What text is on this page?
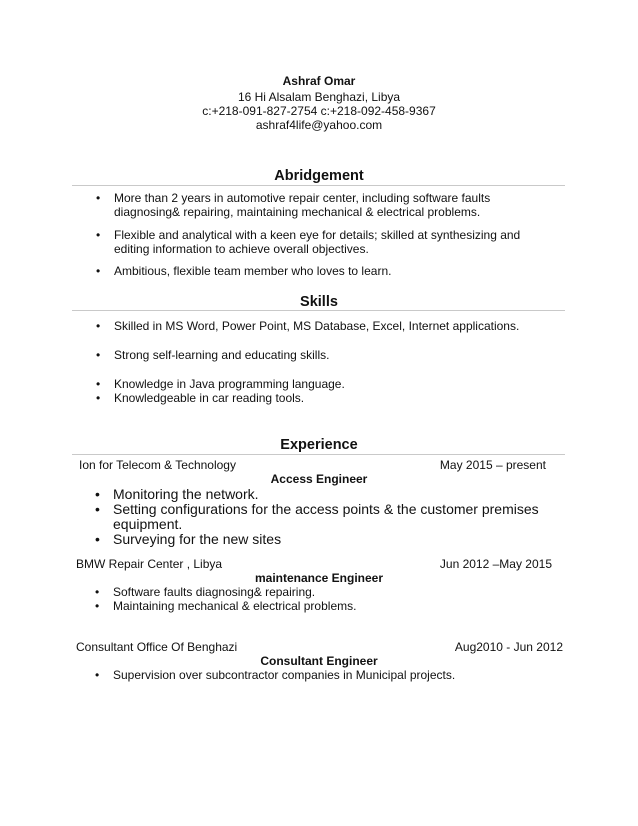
Ashraf Omar
16 Hi Alsalam Benghazi, Libya
c:+218-091-827-2754 c:+218-092-458-9367
ashraf4life@yahoo.com
Abridgement
• More than 2 years in automotive repair center, including software faults diagnosing& repairing, maintaining mechanical & electrical problems.
• Flexible and analytical with a keen eye for details; skilled at synthesizing and editing information to achieve overall objectives.
• Ambitious, flexible team member who loves to learn.
Skills
• Skilled in MS Word, Power Point, MS Database, Excel, Internet applications.
• Strong self-learning and educating skills.
• Knowledge in Java programming language.
• Knowledgeable in car reading tools.
Experience
Ion for Telecom & Technology	May 2015 – present
Access Engineer
• Monitoring the network.
• Setting configurations for the access points & the customer premises equipment.
• Surveying for the new sites
BMW Repair Center , Libya	Jun 2012 –May 2015
maintenance Engineer
• Software faults diagnosing& repairing.
• Maintaining mechanical & electrical problems.
Consultant Office Of Benghazi	Aug2010 - Jun 2012
Consultant Engineer
• Supervision over subcontractor companies in Municipal projects.
